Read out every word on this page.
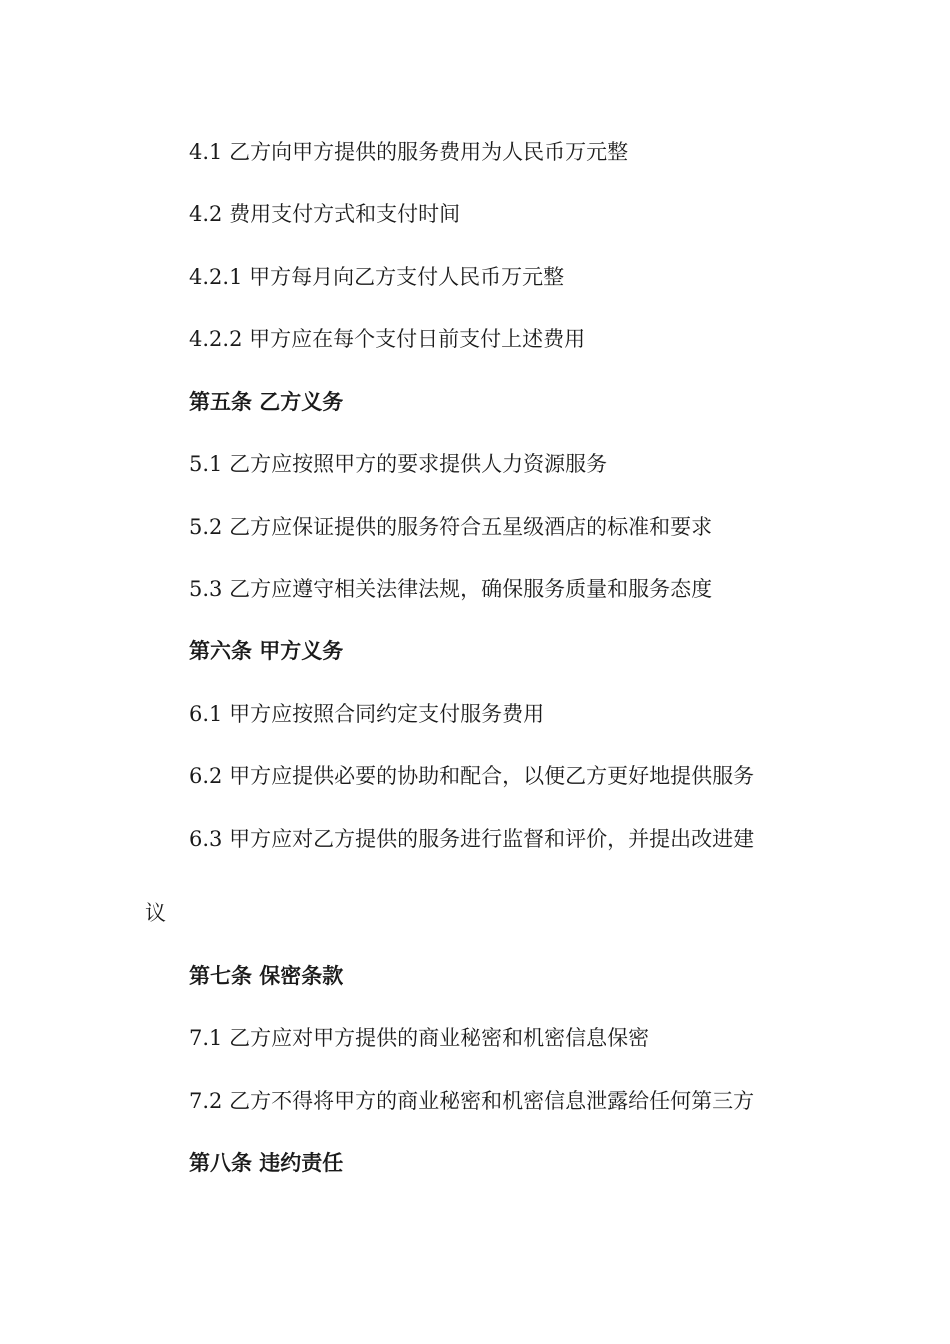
4.1 乙方向甲方提供的服务费用为人民币万元整
4.2 费用支付方式和支付时间
4.2.1 甲方每月向乙方支付人民币万元整
4.2.2 甲方应在每个支付日前支付上述费用
第五条 乙方义务
5.1 乙方应按照甲方的要求提供人力资源服务
5.2 乙方应保证提供的服务符合五星级酒店的标准和要求
5.3 乙方应遵守相关法律法规，确保服务质量和服务态度
第六条 甲方义务
6.1 甲方应按照合同约定支付服务费用
6.2 甲方应提供必要的协助和配合，以便乙方更好地提供服务
6.3 甲方应对乙方提供的服务进行监督和评价，并提出改进建
议
第七条 保密条款
7.1 乙方应对甲方提供的商业秘密和机密信息保密
7.2 乙方不得将甲方的商业秘密和机密信息泄露给任何第三方
第八条 违约责任
